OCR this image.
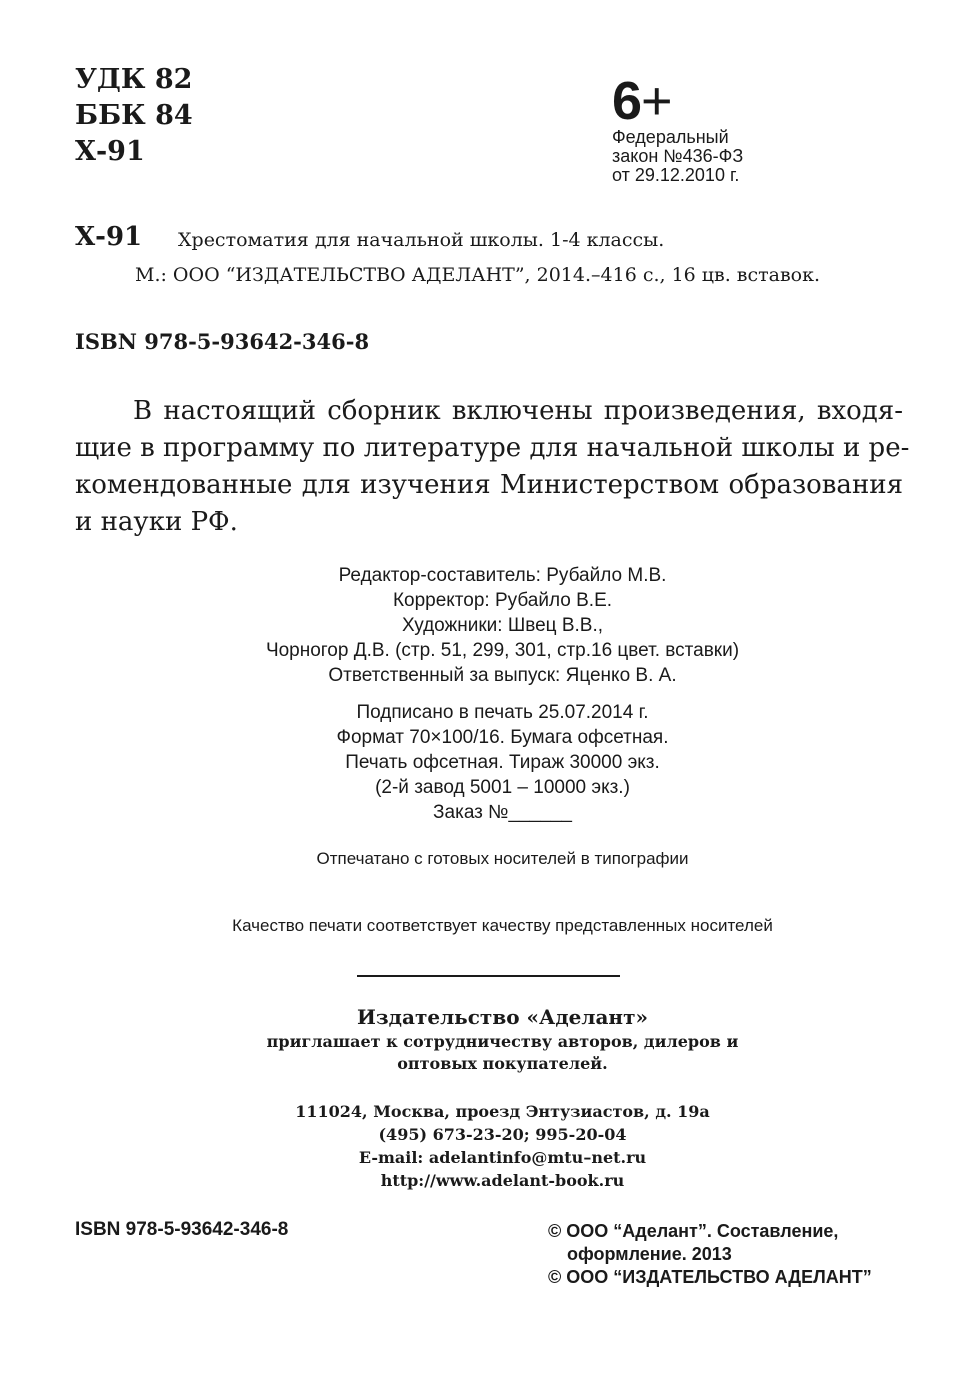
УДК 82
ББК 84
Х-91
6+
Федеральный
закон №436-ФЗ
от 29.12.2010 г.
Х-91 Хрестоматия для начальной школы. 1-4 классы.
М.: ООО “ИЗДАТЕЛЬСТВО АДЕЛАНТ”, 2014.–416 с., 16 цв. вставок.
ISBN 978-5-93642-346-8
В настоящий сборник включены произведения, входя-
щие в программу по литературе для начальной школы и ре-
комендованные для изучения Министерством образования
и науки РФ.
Редактор-составитель: Рубайло М.В.
Корректор: Рубайло В.Е.
Художники: Швец В.В.,
Чорногор Д.В. (стр. 51, 299, 301, стр.16 цвет. вставки)
Ответственный за выпуск: Яценко В. А.
Подписано в печать 25.07.2014 г.
Формат 70×100/16. Бумага офсетная.
Печать офсетная. Тираж 30000 экз.
(2-й завод 5001 – 10000 экз.)
Заказ №______
Отпечатано с готовых носителей в типографии
Качество печати соответствует качеству представленных носителей
Издательство «Аделант»
приглашает к сотрудничеству авторов, дилеров и
оптовых покупателей.
111024, Москва, проезд Энтузиастов, д. 19а
(495) 673-23-20; 995-20-04
E-mail: adelantinfo@mtu–net.ru
http://www.adelant-book.ru
ISBN 978-5-93642-346-8	© ООО “Аделант”. Составление,
оформление. 2013
© ООО “ИЗДАТЕЛЬСТВО АДЕЛАНТ”
